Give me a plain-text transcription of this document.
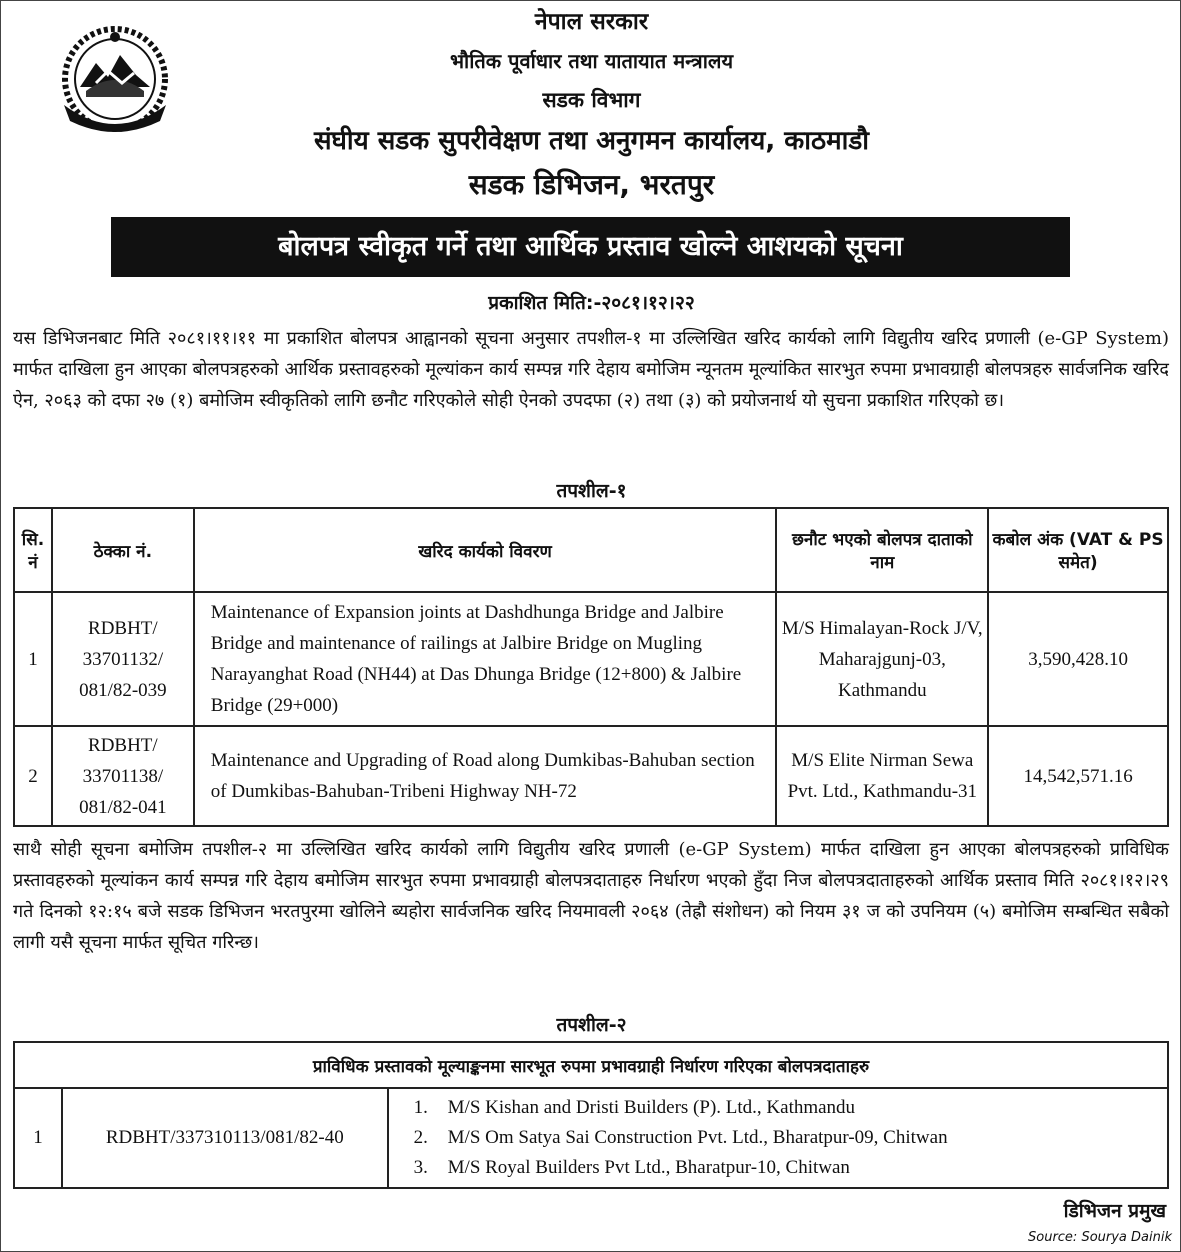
नेपाल सरकार
भौतिक पूर्वाधार तथा यातायात मन्त्रालय
सडक विभाग
संघीय सडक सुपरीवेक्षण तथा अनुगमन कार्यालय, काठमाडौ
सडक डिभिजन, भरतपुर
बोलपत्र स्वीकृत गर्ने तथा आर्थिक प्रस्ताव खोल्ने आशयको सूचना
प्रकाशित मिति:-२०८१।१२।२२

यस डिभिजनबाट मिति २०८१।११।११ मा प्रकाशित बोलपत्र आह्वानको सूचना अनुसार तपशील-१ मा उल्लिखित खरिद कार्यको लागि विद्युतीय खरिद प्रणाली (e-GP System) मार्फत दाखिला हुन आएका बोलपत्रहरुको आर्थिक प्रस्तावहरुको मूल्यांकन कार्य सम्पन्न गरि देहाय बमोजिम न्यूनतम मूल्यांकित सारभुत रुपमा प्रभावग्राही बोलपत्रहरु सार्वजनिक खरिद ऐन, २०६३ को दफा २७ (१) बमोजिम स्वीकृतिको लागि छनौट गरिएकोले सोही ऐनको उपदफा (२) तथा (३) को प्रयोजनार्थ यो सुचना प्रकाशित गरिएको छ।

तपशील-१
सि. नं	ठेक्का नं.	खरिद कार्यको विवरण	छनौट भएको बोलपत्र दाताको नाम	कबोल अंक (VAT & PS समेत)
1	RDBHT/ 33701132/ 081/82-039	Maintenance of Expansion joints at Dashdhunga Bridge and Jalbire Bridge and maintenance of railings at Jalbire Bridge on Mugling Narayanghat Road (NH44) at Das Dhunga Bridge (12+800) & Jalbire Bridge (29+000)	M/S Himalayan-Rock J/V, Maharajgunj-03, Kathmandu	3,590,428.10
2	RDBHT/ 33701138/ 081/82-041	Maintenance and Upgrading of Road along Dumkibas-Bahuban section of Dumkibas-Bahuban-Tribeni Highway NH-72	M/S Elite Nirman Sewa Pvt. Ltd., Kathmandu-31	14,542,571.16

साथै सोही सूचना बमोजिम तपशील-२ मा उल्लिखित खरिद कार्यको लागि विद्युतीय खरिद प्रणाली (e-GP System) मार्फत दाखिला हुन आएका बोलपत्रहरुको प्राविधिक प्रस्तावहरुको मूल्यांकन कार्य सम्पन्न गरि देहाय बमोजिम सारभुत रुपमा प्रभावग्राही बोलपत्रदाताहरु निर्धारण भएको हुँदा निज बोलपत्रदाताहरुको आर्थिक प्रस्ताव मिति २०८१।१२।२९ गते दिनको १२:१५ बजे सडक डिभिजन भरतपुरमा खोलिने ब्यहोरा सार्वजनिक खरिद नियमावली २०६४ (तेह्रौ संशोधन) को नियम ३१ ज को उपनियम (५) बमोजिम सम्बन्धित सबैको लागी यसै सूचना मार्फत सूचित गरिन्छ।

तपशील-२
प्राविधिक प्रस्तावको मूल्याङ्कनमा सारभूत रुपमा प्रभावग्राही निर्धारण गरिएका बोलपत्रदाताहरु
1	RDBHT/337310113/081/82-40	
1. M/S Kishan and Dristi Builders (P). Ltd., Kathmandu
2. M/S Om Satya Sai Construction Pvt. Ltd., Bharatpur-09, Chitwan
3. M/S Royal Builders Pvt Ltd., Bharatpur-10, Chitwan
डिभिजन प्रमुख
Source: Sourya Dainik
